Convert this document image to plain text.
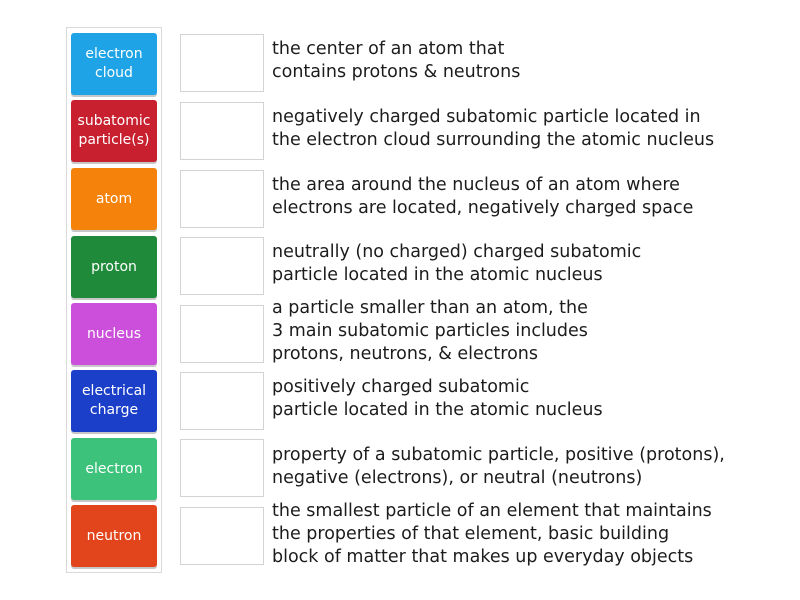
electron
cloud
subatomic
particle(s)
atom
proton
nucleus
electrical
charge
electron
neutron
the center of an atom that
contains protons & neutrons
negatively charged subatomic particle located in
the electron cloud surrounding the atomic nucleus
the area around the nucleus of an atom where
electrons are located, negatively charged space
neutrally (no charged) charged subatomic
particle located in the atomic nucleus
a particle smaller than an atom, the
3 main subatomic particles includes
protons, neutrons, & electrons
positively charged subatomic
particle located in the atomic nucleus
property of a subatomic particle, positive (protons),
negative (electrons), or neutral (neutrons)
the smallest particle of an element that maintains
the properties of that element, basic building
block of matter that makes up everyday objects
